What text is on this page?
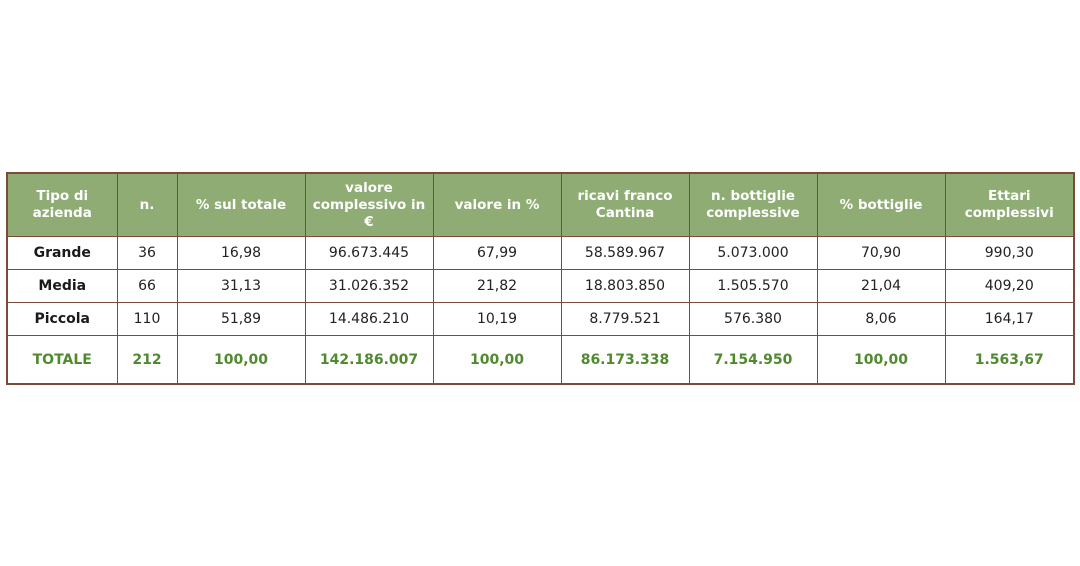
Tipo di azienda	n.	% sul totale	valore complessivo in €	valore in %	ricavi franco Cantina	n. bottiglie complessive	% bottiglie	Ettari complessivi
Grande	36	16,98	96.673.445	67,99	58.589.967	5.073.000	70,90	990,30
Media	66	31,13	31.026.352	21,82	18.803.850	1.505.570	21,04	409,20
Piccola	110	51,89	14.486.210	10,19	8.779.521	576.380	8,06	164,17
TOTALE	212	100,00	142.186.007	100,00	86.173.338	7.154.950	100,00	1.563,67
